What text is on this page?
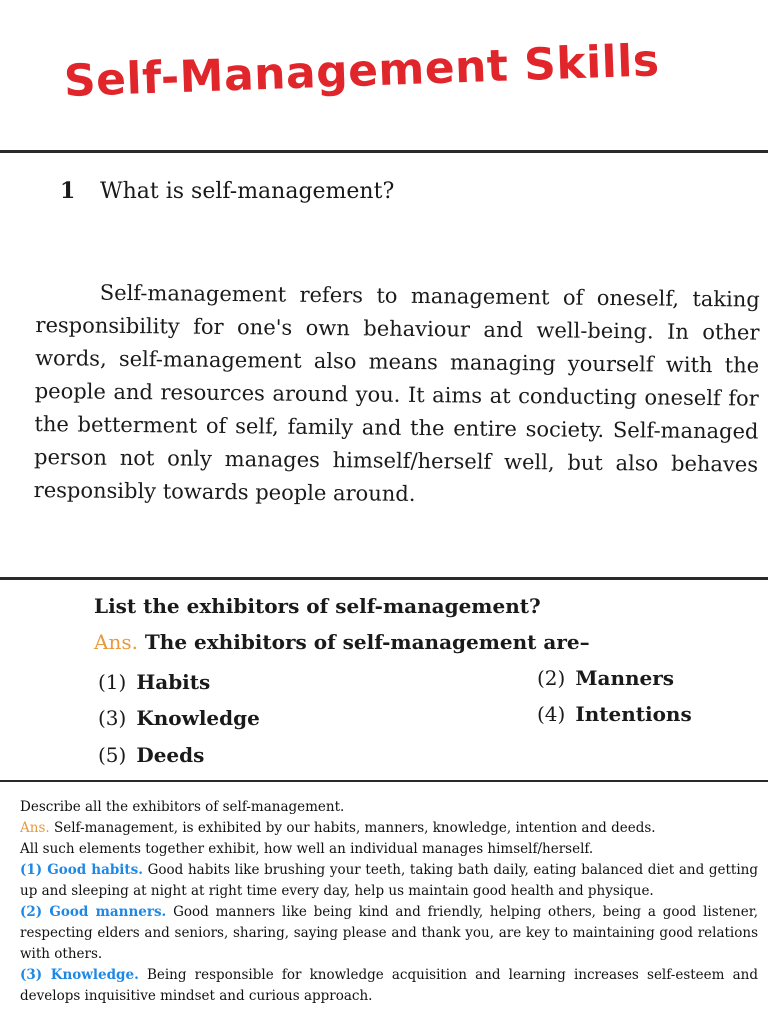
Self-Management Skills
1 What is self-management?

Self-management refers to management of oneself, taking responsibility for one's own behaviour and well-being. In other words, self-management also means managing yourself with the people and resources around you. It aims at conducting oneself for the betterment of self, family and the entire society. Self-managed person not only manages himself/herself well, but also behaves responsibly towards people around.

List the exhibitors of self-management?
Ans. The exhibitors of self-management are–
(1) Habits	(2) Manners
(3) Knowledge	(4) Intentions
(5) Deeds

Describe all the exhibitors of self-management.

Ans. Self-management, is exhibited by our habits, manners, knowledge, intention and deeds.

All such elements together exhibit, how well an individual manages himself/herself.

(1) Good habits. Good habits like brushing your teeth, taking bath daily, eating balanced diet and getting up and sleeping at night at right time every day, help us maintain good health and physique.

(2) Good manners. Good manners like being kind and friendly, helping others, being a good listener, respecting elders and seniors, sharing, saying please and thank you, are key to maintaining good relations with others.

(3) Knowledge. Being responsible for knowledge acquisition and learning increases self-esteem and develops inquisitive mindset and curious approach.
